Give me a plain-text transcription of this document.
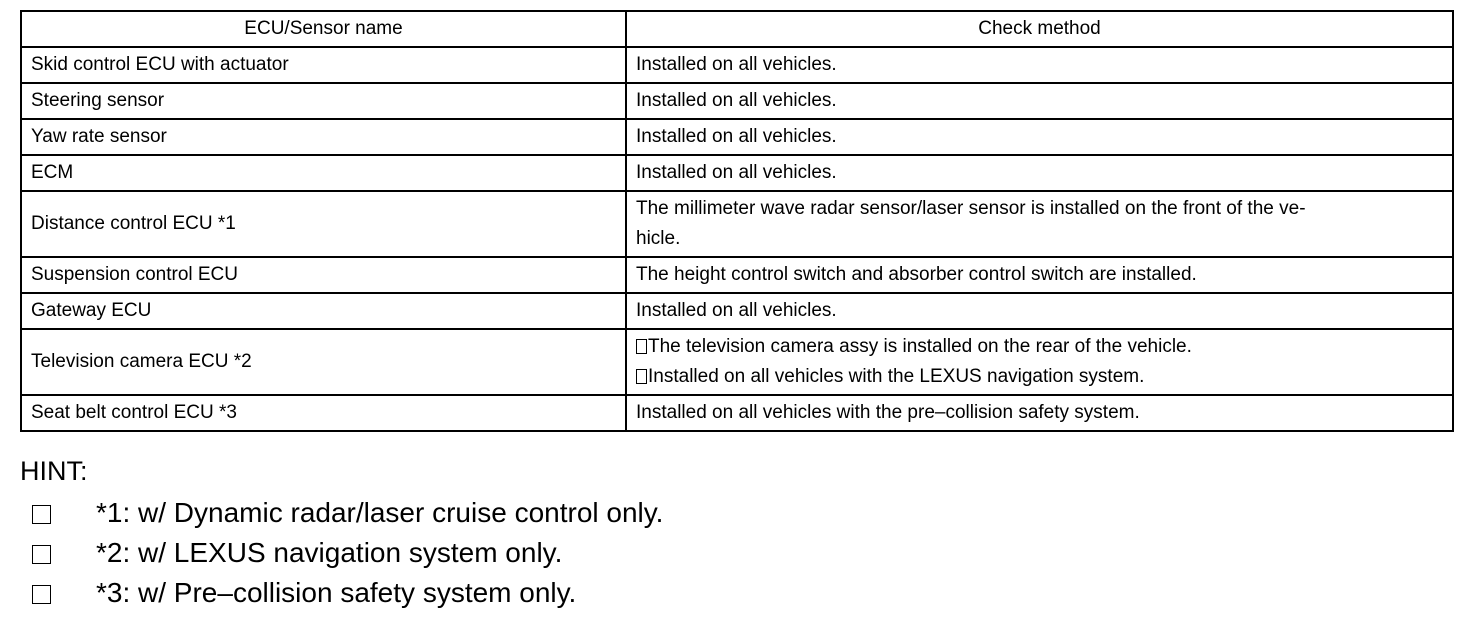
ECU/Sensor name	Check method
Skid control ECU with actuator	Installed on all vehicles.
Steering sensor	Installed on all vehicles.
Yaw rate sensor	Installed on all vehicles.
ECM	Installed on all vehicles.
Distance control ECU *1	The millimeter wave radar sensor/laser sensor is installed on the front of the ve-
hicle.

Suspension control ECU	The height control switch and absorber control switch are installed.
Gateway ECU	Installed on all vehicles.
Television camera ECU *2	The television camera assy is installed on the rear of the vehicle.
Installed on all vehicles with the LEXUS navigation system.

Seat belt control ECU *3	Installed on all vehicles with the pre–collision safety system.
HINT:
*1: w/ Dynamic radar/laser cruise control only.
*2: w/ LEXUS navigation system only.
*3: w/ Pre–collision safety system only.
